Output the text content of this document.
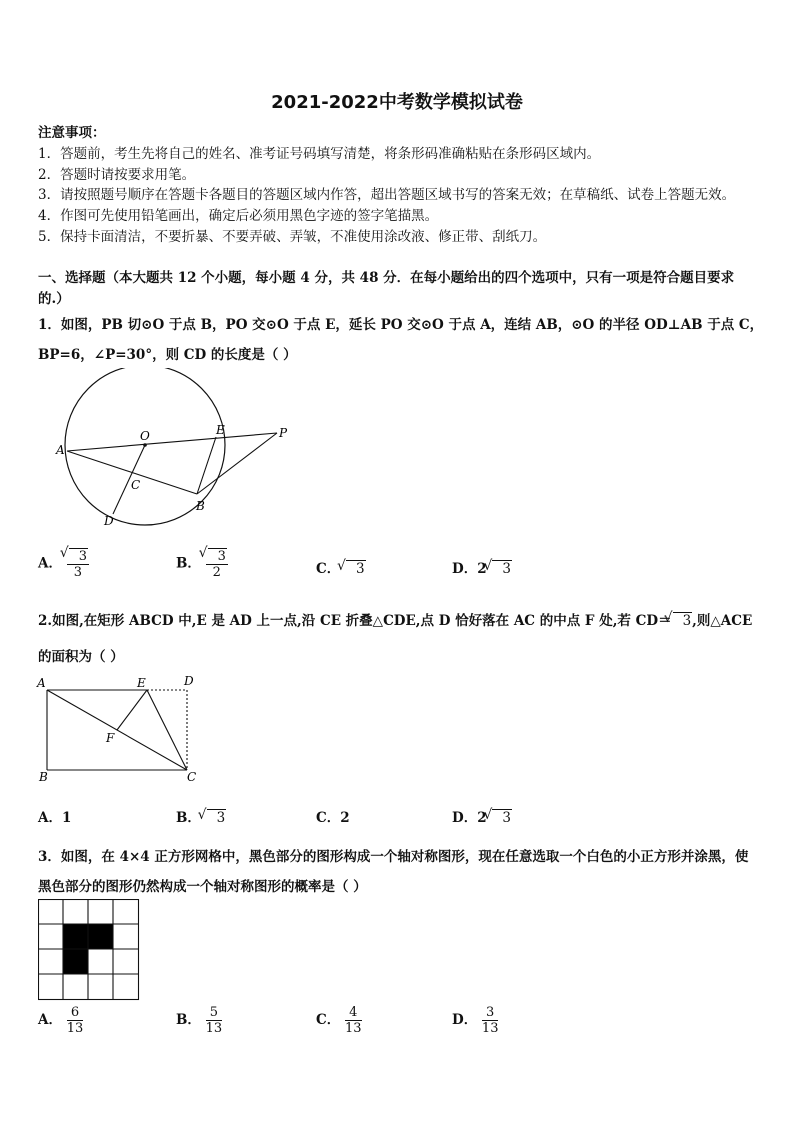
2021-2022中考数学模拟试卷
注意事项：
1．答题前，考生先将自己的姓名、准考证号码填写清楚，将条形码准确粘贴在条形码区域内。
2．答题时请按要求用笔。
3．请按照题号顺序在答题卡各题目的答题区域内作答，超出答题区域书写的答案无效；在草稿纸、试卷上答题无效。
4．作图可先使用铅笔画出，确定后必须用黑色字迹的签字笔描黑。
5．保持卡面清洁，不要折暴、不要弄破、弄皱，不准使用涂改液、修正带、刮纸刀。
一、选择题（本大题共 12 个小题，每小题 4 分，共 48 分．在每小题给出的四个选项中，只有一项是符合题目要求
的.）
1．如图，PB 切⊙O 于点 B，PO 交⊙O 于点 E，延长 PO 交⊙O 于点 A，连结 AB，⊙O 的半径 OD⊥AB 于点 C，
BP=6，∠P=30°，则 CD 的长度是（ ）
A
O	E	P
C
B
D
A． √ $\frac{3}{3}$	B． √ $\frac{3}{2}$	C． √ 3	D．2 √ 3
2.如图,在矩形 ABCD 中,E 是 AD 上一点,沿 CE 折叠△CDE,点 D 恰好落在 AC 的中点 F 处,若 CD＝ √ 3,则△ACE
的面积为（ ）
A	E	D
F
B	C
A．1	B． √ 3	C．2	D．2 √ 3
3．如图，在 4×4 正方形网格中，黑色部分的图形构成一个轴对称图形，现在任意选取一个白色的小正方形并涂黑，使
黑色部分的图形仍然构成一个轴对称图形的概率是（ ）
A． $\frac{6}{13}$	B． $\frac{5}{13}$	C． $\frac{4}{13}$	D． $\frac{3}{13}$
